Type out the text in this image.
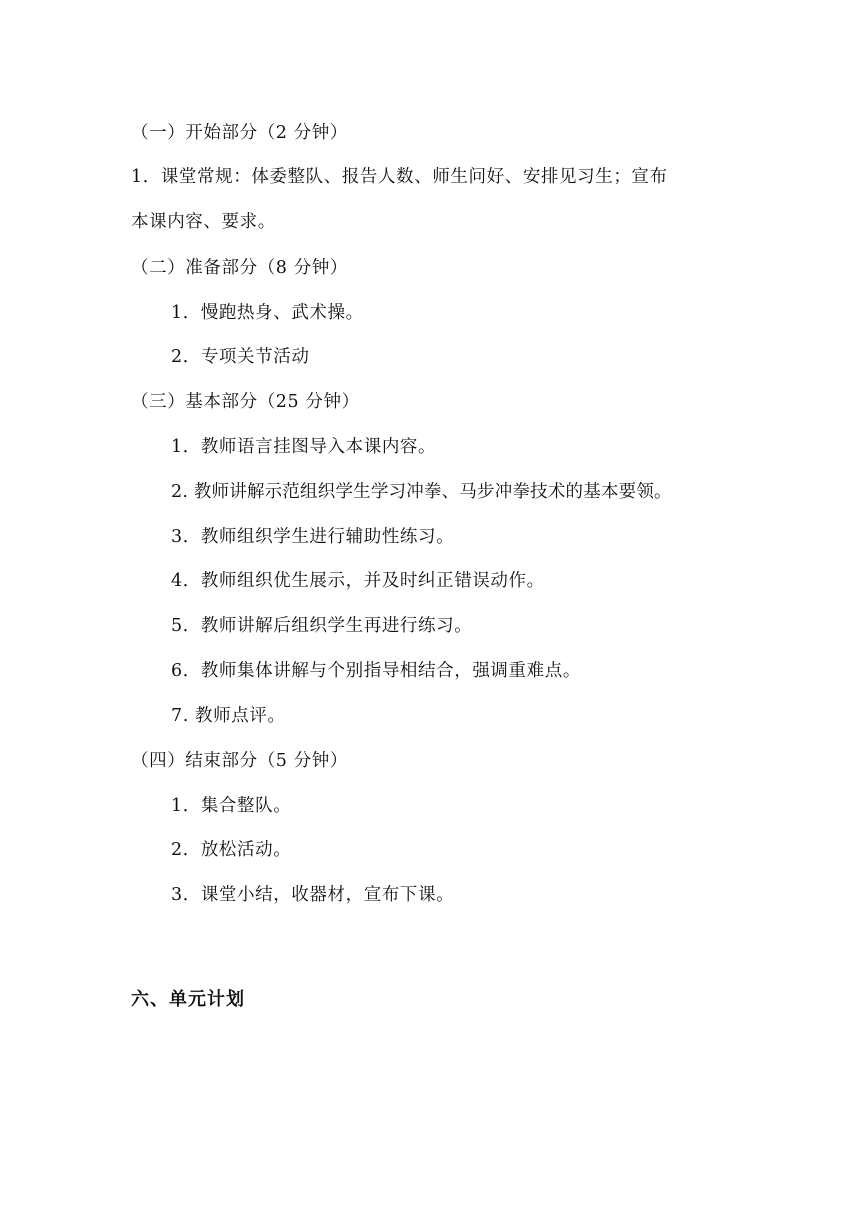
（一）开始部分（2 分钟）
1．课堂常规：体委整队、报告人数、师生问好、安排见习生；宣布
本课内容、要求。
（二）准备部分（8 分钟）
1．慢跑热身、武术操。
2．专项关节活动
（三）基本部分（25 分钟）
1．教师语言挂图导入本课内容。
2. 教师讲解示范组织学生学习冲拳、马步冲拳技术的基本要领。
3．教师组织学生进行辅助性练习。
4．教师组织优生展示，并及时纠正错误动作。
5．教师讲解后组织学生再进行练习。
6．教师集体讲解与个别指导相结合，强调重难点。
7. 教师点评。
（四）结束部分（5 分钟）
1．集合整队。
2．放松活动。
3．课堂小结，收器材，宣布下课。
六、单元计划
